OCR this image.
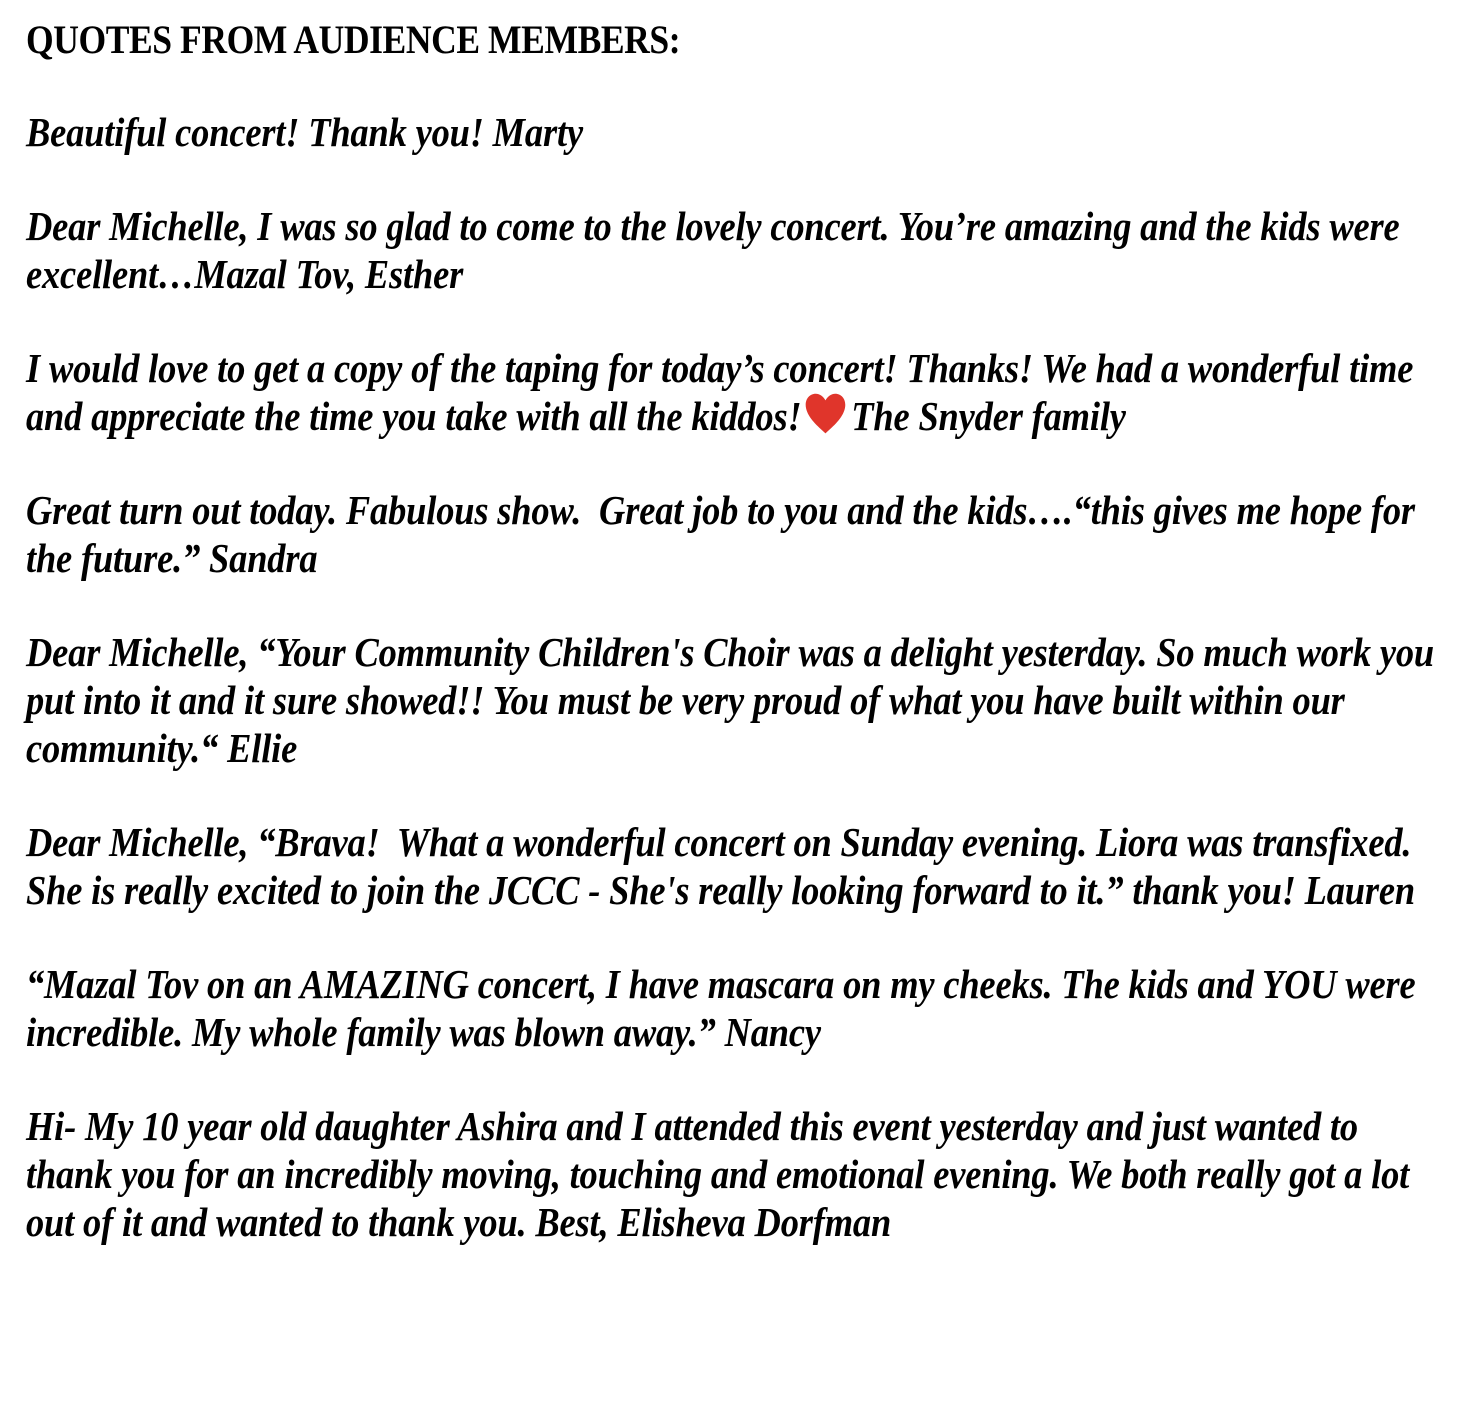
QUOTES FROM AUDIENCE MEMBERS:

Beautiful concert! Thank you! Marty

Dear Michelle, I was so glad to come to the lovely concert. You’re amazing and the kids were excellent…Mazal Tov, Esther

I would love to get a copy of the taping for today’s concert! Thanks! We had a wonderful time and appreciate the time you take with all the kiddos! The Snyder family

Great turn out today. Fabulous show.  Great job to you and the kids….“this gives me hope for the future.” Sandra

Dear Michelle, “Your Community Children's Choir was a delight yesterday. So much work you put into it and it sure showed!! You must be very proud of what you have built within our community.“ Ellie

Dear Michelle, “Brava!  What a wonderful concert on Sunday evening. Liora was transfixed. She is really excited to join the JCCC - She's really looking forward to it.” thank you! Lauren

“Mazal Tov on an AMAZING concert, I have mascara on my cheeks. The kids and YOU were incredible. My whole family was blown away.” Nancy

Hi- My 10 year old daughter Ashira and I attended this event yesterday and just wanted to thank you for an incredibly moving, touching and emotional evening. We both really got a lot out of it and wanted to thank you. Best, Elisheva Dorfman
